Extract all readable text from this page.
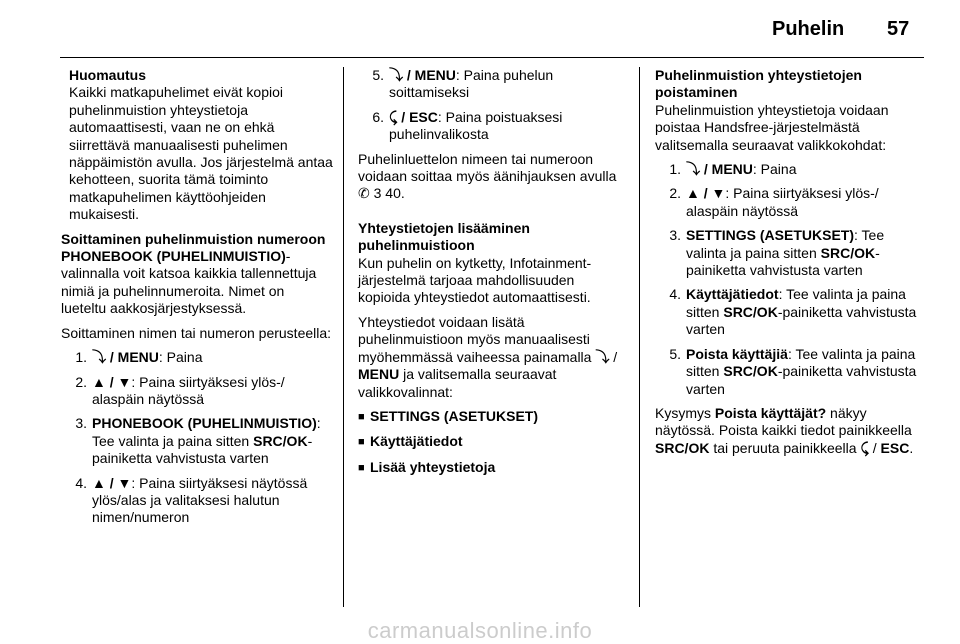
Puhelin 57
Huomautus
Kaikki matkapuhelimet eivät kopioi puhelinmuistion yhteystietoja automaattisesti, vaan ne on ehkä siirrettävä manuaalisesti puhelimen näppäimistön avulla. Jos järjestelmä antaa kehotteen, suorita tämä toiminto matkapuhelimen käyttöohjeiden mukaisesti.
Soittaminen puhelinmuistion numeroon
PHONEBOOK (PUHELINMUISTIO)-valinnalla voit katsoa kaikkia tallennettuja nimiä ja puhelinnumeroita. Nimet on lueteltu aakkosjärjestyksessä.
Soittaminen nimen tai numeron perusteella:
1. ⤵ / MENU: Paina
2. ▲ / ▼: Paina siirtyäksesi ylös-/ alaspäin näytössä
3. PHONEBOOK (PUHELINMUISTIO): Tee valinta ja paina sitten SRC/OK-painiketta vahvistusta varten
4. ▲ / ▼: Paina siirtyäksesi näytössä ylös/alas ja valitaksesi halutun nimen/numeron
5. ⤵ / MENU: Paina puhelun soittamiseksi
6. ⤹ / ESC: Paina poistuaksesi puhelinvalikosta
Puhelinluettelon nimeen tai numeroon voidaan soittaa myös äänihjauksen avulla ✆ 3 40.
Yhteystietojen lisääminen puhelinmuistioon
Kun puhelin on kytketty, Infotainment-järjestelmä tarjoaa mahdollisuuden kopioida yhteystiedot automaattisesti.
Yhteystiedot voidaan lisätä puhelinmuistioon myös manuaalisesti myöhemmässä vaiheessa painamalla ⤵ / MENU ja valitsemalla seuraavat valikkovalinnat:
■ SETTINGS (ASETUKSET)
■ Käyttäjätiedot
■ Lisää yhteystietoja
Puhelinmuistion yhteystietojen poistaminen
Puhelinmuistion yhteystietoja voidaan poistaa Handsfree-järjestelmästä valitsemalla seuraavat valikkokohdat:
1. ⤵ / MENU: Paina
2. ▲ / ▼: Paina siirtyäksesi ylös-/ alaspäin näytössä
3. SETTINGS (ASETUKSET): Tee valinta ja paina sitten SRC/OK-painiketta vahvistusta varten
4. Käyttäjätiedot: Tee valinta ja paina sitten SRC/OK-painiketta vahvistusta varten
5. Poista käyttäjiä: Tee valinta ja paina sitten SRC/OK-painiketta vahvistusta varten
Kysymys Poista käyttäjät? näkyy näytössä. Poista kaikki tiedot painikkeella SRC/OK tai peruuta painikkeella ⤹ / ESC.
carmanualsonline.info
